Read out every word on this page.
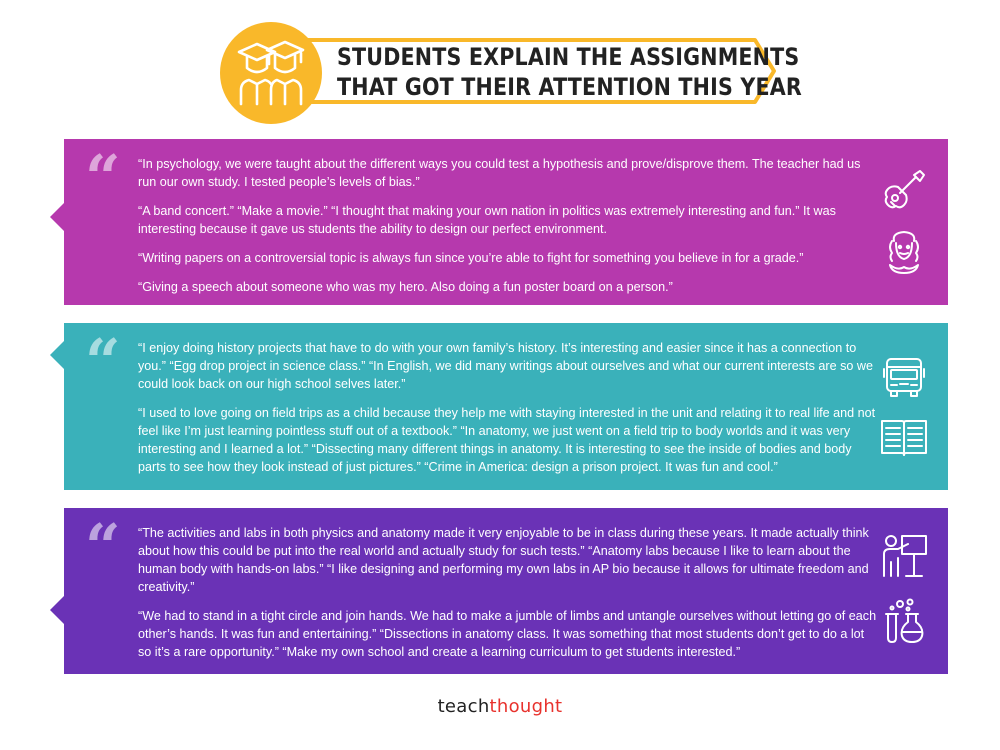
STUDENTS EXPLAIN THE ASSIGNMENTS
THAT GOT THEIR ATTENTION THIS YEAR
“ “In psychology, we were taught about the different ways you could test a hypothesis and prove/disprove them. The teacher had us run our own study. I tested people’s levels of bias.”

“A band concert.” “Make a movie.” “I thought that making your own nation in politics was extremely interesting and fun.” It was interesting because it gave us students the ability to design our perfect environment.

“Writing papers on a controversial topic is always fun since you’re able to fight for something you believe in for a grade.”

“Giving a speech about someone who was my hero. Also doing a fun poster board on a person.”

“ “I enjoy doing history projects that have to do with your own family’s history. It’s interesting and easier since it has a connection to you.” “Egg drop project in science class.” “In English, we did many writings about ourselves and what our current interests are so we could look back on our high school selves later.”

“I used to love going on field trips as a child because they help me with staying interested in the unit and relating it to real life and not feel like I’m just learning pointless stuff out of a textbook.” “In anatomy, we just went on a field trip to body worlds and it was very interesting and I learned a lot.” “Dissecting many different things in anatomy. It is interesting to see the inside of bodies and body parts to see how they look instead of just pictures.” “Crime in America: design a prison project. It was fun and cool.”

“ “The activities and labs in both physics and anatomy made it very enjoyable to be in class during these years. It made actually think about how this could be put into the real world and actually study for such tests.” “Anatomy labs because I like to learn about the human body with hands-on labs.” “I like designing and performing my own labs in AP bio because it allows for ultimate freedom and creativity.”

“We had to stand in a tight circle and join hands. We had to make a jumble of limbs and untangle ourselves without letting go of each other’s hands. It was fun and entertaining.” “Dissections in anatomy class. It was something that most students don’t get to do a lot so it’s a rare opportunity.” “Make my own school and create a learning curriculum to get students interested.”

teachthought
